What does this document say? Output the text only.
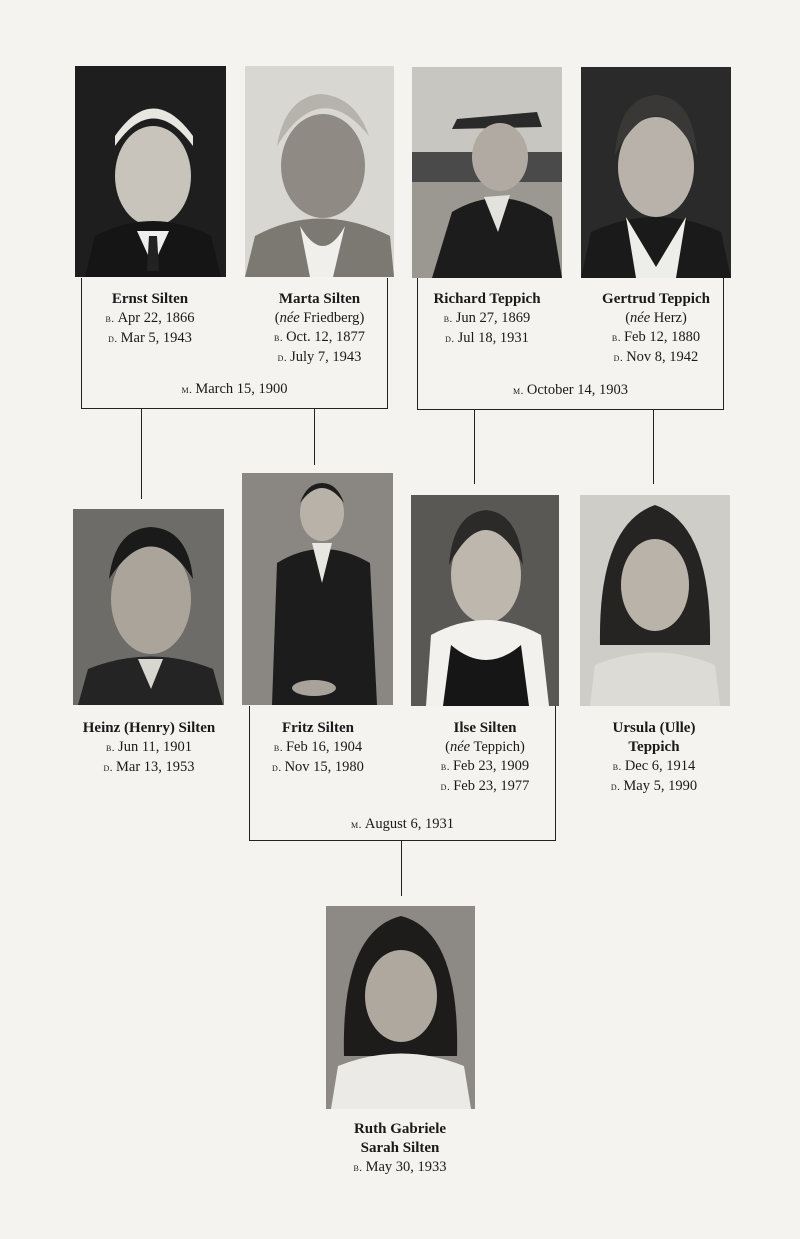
Ernst Silten
b. Apr 22, 1866
d. Mar 5, 1943
Marta Silten
(née Friedberg)
b. Oct. 12, 1877
d. July 7, 1943
Richard Teppich
b. Jun 27, 1869
d. Jul 18, 1931
Gertrud Teppich
(née Herz)
b. Feb 12, 1880
d. Nov 8, 1942
m. March 15, 1900	m. October 14, 1903
Heinz (Henry) Silten
b. Jun 11, 1901
d. Mar 13, 1953
Fritz Silten
b. Feb 16, 1904
d. Nov 15, 1980
Ilse Silten
(née Teppich)
b. Feb 23, 1909
d. Feb 23, 1977
Ursula (Ulle)
Teppich
b. Dec 6, 1914
d. May 5, 1990
m. August 6, 1931
Ruth Gabriele
Sarah Silten
b. May 30, 1933
